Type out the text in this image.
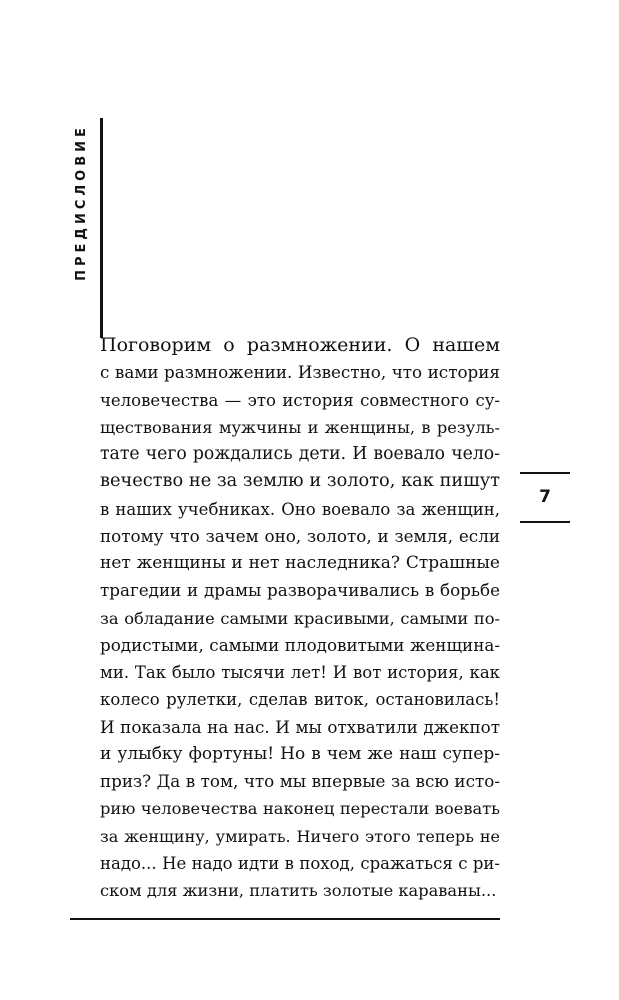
ПРЕДИСЛОВИЕ
Поговорим о размножении. О нашем
с вами размножении. Известно, что история
человечества — это история совместного су-
ществования мужчины и женщины, в резуль-
тате чего рождались дети. И воевало чело-
вечество не за землю и золото, как пишут
в наших учебниках. Оно воевало за женщин,
потому что зачем оно, золото, и земля, если
нет женщины и нет наследника? Страшные
трагедии и драмы разворачивались в борьбе
за обладание самыми красивыми, самыми по-
родистыми, самыми плодовитыми женщина-
ми. Так было тысячи лет! И вот история, как
колесо рулетки, сделав виток, остановилась!
И показала на нас. И мы отхватили джекпот
и улыбку фортуны! Но в чем же наш супер-
приз? Да в том, что мы впервые за всю исто-
рию человечества наконец перестали воевать
за женщину, умирать. Ничего этого теперь не
надо... Не надо идти в поход, сражаться с ри-
ском для жизни, платить золотые караваны...
7
